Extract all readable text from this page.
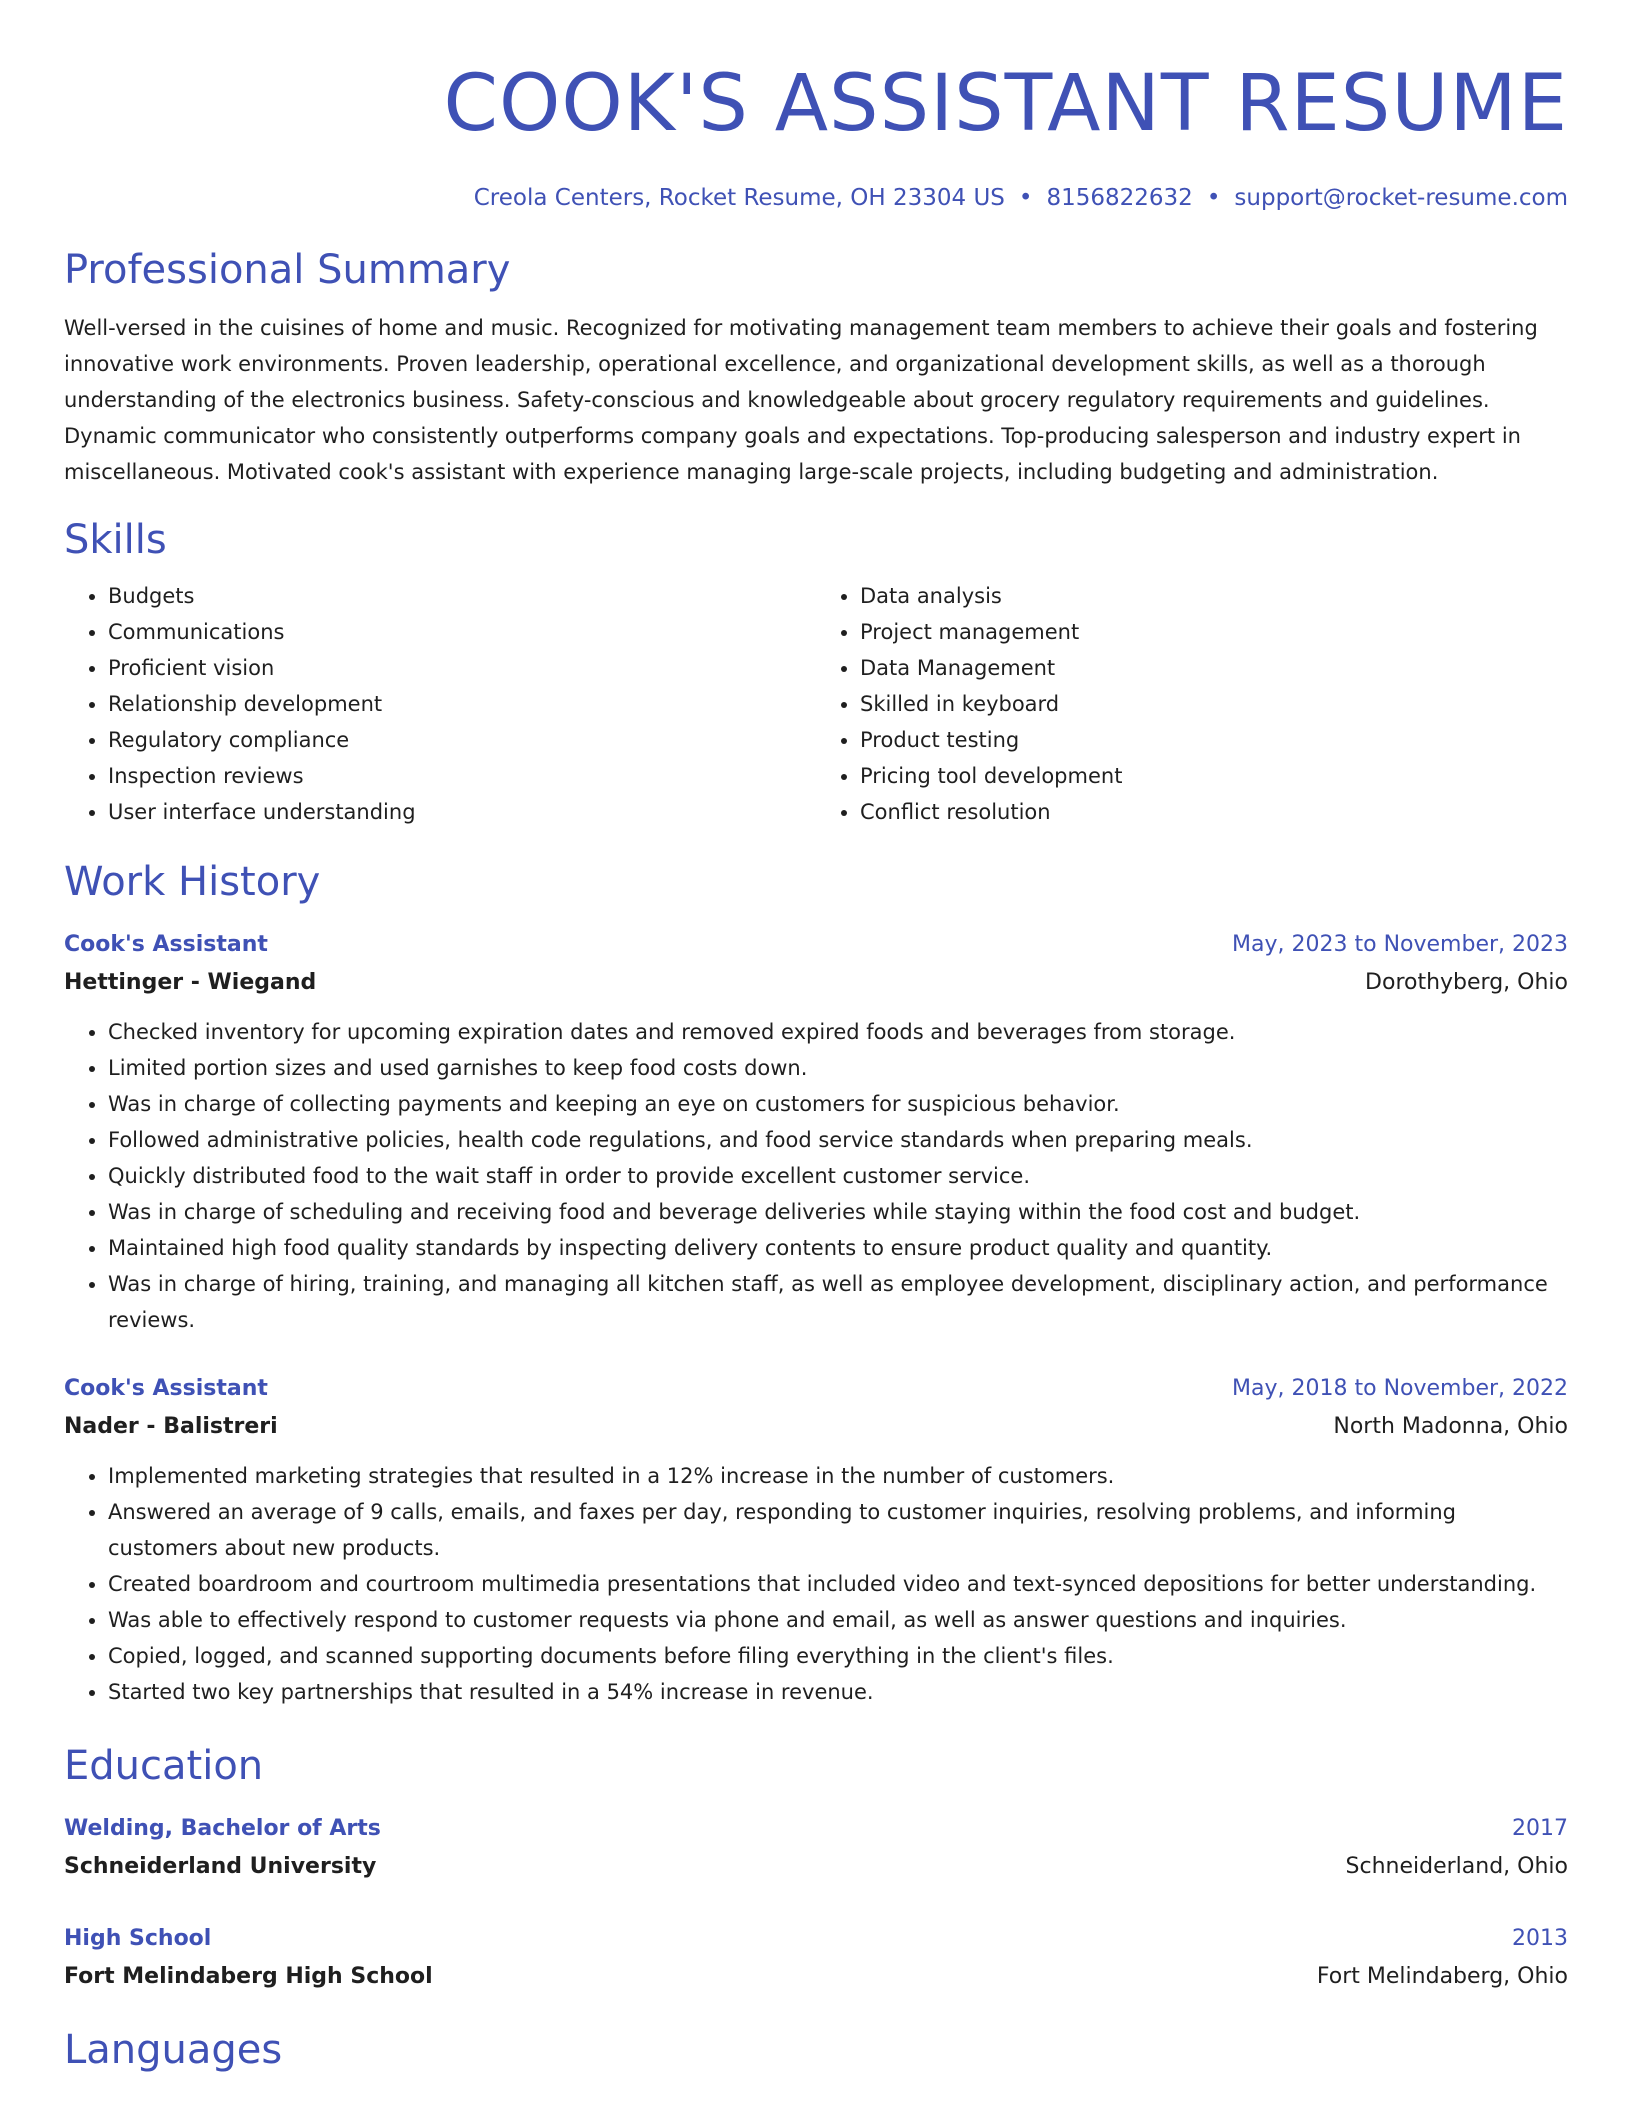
COOK'S ASSISTANT RESUME
Creola Centers, Rocket Resume, OH 23304 US • 8156822632 • support@rocket-resume.com
Professional Summary

Well-versed in the cuisines of home and music. Recognized for motivating management team members to achieve their goals and fostering innovative work environments. Proven leadership, operational excellence, and organizational development skills, as well as a thorough understanding of the electronics business. Safety-conscious and knowledgeable about grocery regulatory requirements and guidelines. Dynamic communicator who consistently outperforms company goals and expectations. Top-producing salesperson and industry expert in miscellaneous. Motivated cook's assistant with experience managing large-scale projects, including budgeting and administration.

Skills
• Budgets
• Communications
• Proficient vision
• Relationship development
• Regulatory compliance
• Inspection reviews
• User interface understanding
• Data analysis
• Project management
• Data Management
• Skilled in keyboard
• Product testing
• Pricing tool development
• Conflict resolution
Work History
Cook's Assistant	May, 2023 to November, 2023
Hettinger - Wiegand	Dorothyberg, Ohio
• Checked inventory for upcoming expiration dates and removed expired foods and beverages from storage.
• Limited portion sizes and used garnishes to keep food costs down.
• Was in charge of collecting payments and keeping an eye on customers for suspicious behavior.
• Followed administrative policies, health code regulations, and food service standards when preparing meals.
• Quickly distributed food to the wait staff in order to provide excellent customer service.
• Was in charge of scheduling and receiving food and beverage deliveries while staying within the food cost and budget.
• Maintained high food quality standards by inspecting delivery contents to ensure product quality and quantity.
• Was in charge of hiring, training, and managing all kitchen staff, as well as employee development, disciplinary action, and performance reviews.
Cook's Assistant	May, 2018 to November, 2022
Nader - Balistreri	North Madonna, Ohio
• Implemented marketing strategies that resulted in a 12% increase in the number of customers.
• Answered an average of 9 calls, emails, and faxes per day, responding to customer inquiries, resolving problems, and informing customers about new products.
• Created boardroom and courtroom multimedia presentations that included video and text-synced depositions for better understanding.
• Was able to effectively respond to customer requests via phone and email, as well as answer questions and inquiries.
• Copied, logged, and scanned supporting documents before filing everything in the client's files.
• Started two key partnerships that resulted in a 54% increase in revenue.
Education
Welding, Bachelor of Arts	2017
Schneiderland University	Schneiderland, Ohio
High School	2013
Fort Melindaberg High School	Fort Melindaberg, Ohio
Languages
